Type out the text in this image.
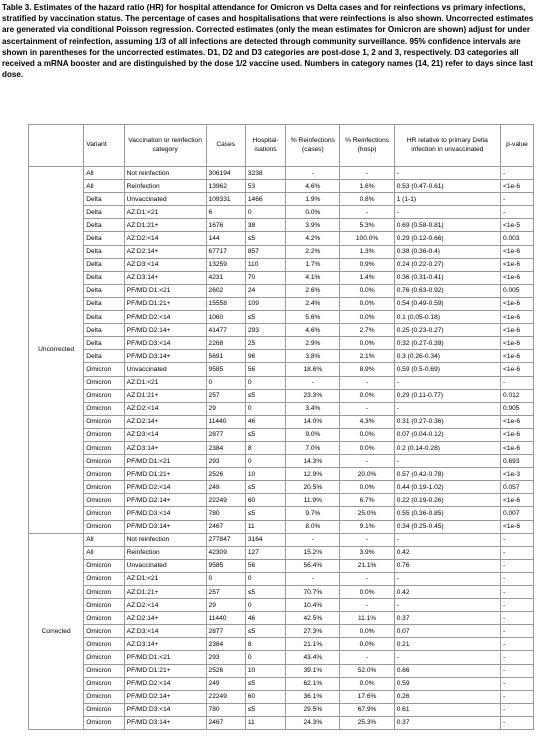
Table 3. Estimates of the hazard ratio (HR) for hospital attendance for Omicron vs Delta cases and for reinfections vs primary infections, stratified by vaccination status. The percentage of cases and hospitalisations that were reinfections is also shown. Uncorrected estimates are generated via conditional Poisson regression. Corrected estimates (only the mean estimates for Omicron are shown) adjust for under ascertainment of reinfection, assuming 1/3 of all infections are detected through community surveillance. 95% confidence intervals are shown in parentheses for the uncorrected estimates. D1, D2 and D3 categories are post-dose 1, 2 and 3, respectively. D3 categories all received a mRNA booster and are distinguished by the dose 1/2 vaccine used. Numbers in category names (14, 21) refer to days since last dose.
	Variant	Vaccination or reinfection category	Cases	Hospital-isations	% Reinfections (cases)	% Reinfections (hosp)	HR relative to primary Delta infection in unvaccinated	p-value
Uncorrected	All	Not reinfection	306194	3238	-	-	-	-
	All	Reinfection	13962	53	4.6%	1.6%	0.53 (0.47-0.61)	<1e-6
	Delta	Unvaccinated	109331	1466	1.9%	0.8%	1 (1-1)	-
	Delta	AZ:D1:<21	6	0	0.0%	-	-	-
	Delta	AZ:D1:21+	1676	38	3.9%	5.3%	0.69 (0.58-0.81)	<1e-5
	Delta	AZ:D2:<14	144	≤5	4.2%	100.0%	0.29 (0.12-0.66)	0.003
	Delta	AZ:D2:14+	67717	857	2.2%	1.3%	0.38 (0.36-0.4)	<1e-6
	Delta	AZ:D3:<14	13259	110	1.7%	0.9%	0.24 (0.22-0.27)	<1e-6
	Delta	AZ:D3:14+	4231	70	4.1%	1.4%	0.36 (0.31-0.41)	<1e-6
	Delta	PF/MD:D1:<21	2602	24	2.6%	0.0%	0.76 (0.63-0.92)	0.005
	Delta	PF/MD:D1:21+	15558	109	2.4%	0.0%	0.54 (0.49-0.59)	<1e-6
	Delta	PF/MD:D2:<14	1060	≤5	5.6%	0.0%	0.1 (0.05-0.18)	<1e-6
	Delta	PF/MD:D2:14+	41477	293	4.6%	2.7%	0.25 (0.23-0.27)	<1e-6
	Delta	PF/MD:D3:<14	2268	25	2.9%	0.0%	0.32 (0.27-0.39)	<1e-6
	Delta	PF/MD:D3:14+	5691	96	3.8%	2.1%	0.3 (0.26-0.34)	<1e-6
	Omicron	Unvaccinated	9585	56	18.6%	8.9%	0.59 (0.5-0.69)	<1e-6
	Omicron	AZ:D1:<21	0	0	-	-	-	-
	Omicron	AZ:D1:21+	257	≤5	23.3%	0.0%	0.29 (0.11-0.77)	0.012
	Omicron	AZ:D2:<14	29	0	3.4%	-	-	0.905
	Omicron	AZ:D2:14+	11440	46	14.0%	4.3%	0.31 (0.27-0.36)	<1e-6
	Omicron	AZ:D3:<14	2877	≤5	9.0%	0.0%	0.07 (0.04-0.12)	<1e-6
	Omicron	AZ:D3:14+	2384	8	7.0%	0.0%	0.2 (0.14-0.28)	<1e-6
	Omicron	PF/MD:D1:<21	293	0	14.3%	-	-	0.693
	Omicron	PF/MD:D1:21+	2526	10	12.9%	20.0%	0.57 (0.42-0.78)	<1e-3
	Omicron	PF/MD:D2:<14	249	≤5	20.5%	0.0%	0.44 (0.19-1.02)	0.057
	Omicron	PF/MD:D2:14+	22249	60	11.9%	6.7%	0.22 (0.19-0.26)	<1e-6
	Omicron	PF/MD:D3:<14	780	≤5	9.7%	25.0%	0.55 (0.36-0.85)	0.007
	Omicron	PF/MD:D3:14+	2467	11	8.0%	9.1%	0.34 (0.25-0.45)	<1e-6
Corrected	All	Not reinfection	277847	3164	-	-	-	-
	All	Reinfection	42309	127	15.2%	3.9%	0.42	-
	Omicron	Unvaccinated	9585	56	56.4%	21.1%	0.76	-
	Omicron	AZ:D1:<21	0	0	-	-	-	-
	Omicron	AZ:D1:21+	257	≤5	70.7%	0.0%	0.42	-
	Omicron	AZ:D2:<14	29	0	10.4%	-	-	-
	Omicron	AZ:D2:14+	11440	46	42.5%	11.1%	0.37	-
	Omicron	AZ:D3:<14	2877	≤5	27.3%	0.0%	0.07	-
	Omicron	AZ:D3:14+	2384	8	21.1%	0.0%	0.21	-
	Omicron	PF/MD:D1:<21	293	0	43.4%	-	-	-
	Omicron	PF/MD:D1:21+	2526	10	39.1%	52.0%	0.66	-
	Omicron	PF/MD:D2:<14	249	≤5	62.1%	0.0%	0.59	-
	Omicron	PF/MD:D2:14+	22249	60	36.1%	17.6%	0.26	-
	Omicron	PF/MD:D3:<14	780	≤5	29.5%	67.9%	0.61	-
	Omicron	PF/MD:D3:14+	2467	11	24.3%	25.3%	0.37	-
